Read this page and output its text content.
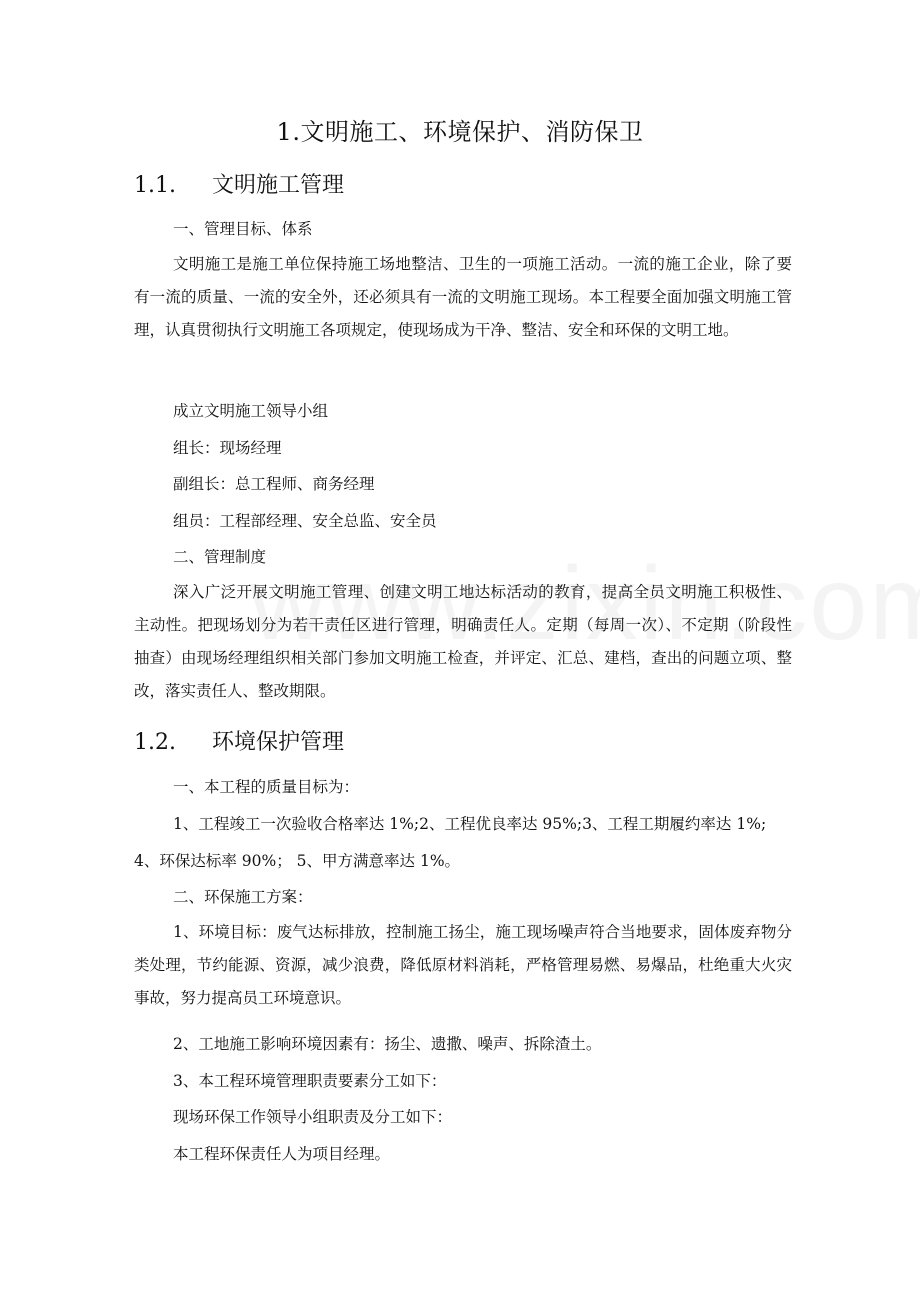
1.文明施工、环境保护、消防保卫
1.1. 文明施工管理
一、管理目标、体系
文明施工是施工单位保持施工场地整洁、卫生的一项施工活动。一流的施工企业，除了要有一流的质量、一流的安全外，还必须具有一流的文明施工现场。本工程要全面加强文明施工管理，认真贯彻执行文明施工各项规定，使现场成为干净、整洁、安全和环保的文明工地。
成立文明施工领导小组
组长：现场经理
副组长：总工程师、商务经理
组员：工程部经理、安全总监、安全员
二、管理制度
深入广泛开展文明施工管理、创建文明工地达标活动的教育，提高全员文明施工积极性、主动性。把现场划分为若干责任区进行管理，明确责任人。定期（每周一次）、不定期（阶段性抽查）由现场经理组织相关部门参加文明施工检查，并评定、汇总、建档，查出的问题立项、整改，落实责任人、整改期限。
1.2. 环境保护管理
一、本工程的质量目标为：
1、工程竣工一次验收合格率达 1%;2、工程优良率达 95%;3、工程工期履约率达 1%;
4、环保达标率 90%； 5、甲方满意率达 1%。
二、环保施工方案：
1、环境目标：废气达标排放，控制施工扬尘，施工现场噪声符合当地要求，固体废弃物分类处理，节约能源、资源，减少浪费，降低原材料消耗，严格管理易燃、易爆品，杜绝重大火灾事故，努力提高员工环境意识。
2、工地施工影响环境因素有：扬尘、遗撒、噪声、拆除渣土。
3、本工程环境管理职责要素分工如下：
现场环保工作领导小组职责及分工如下：
本工程环保责任人为项目经理。
